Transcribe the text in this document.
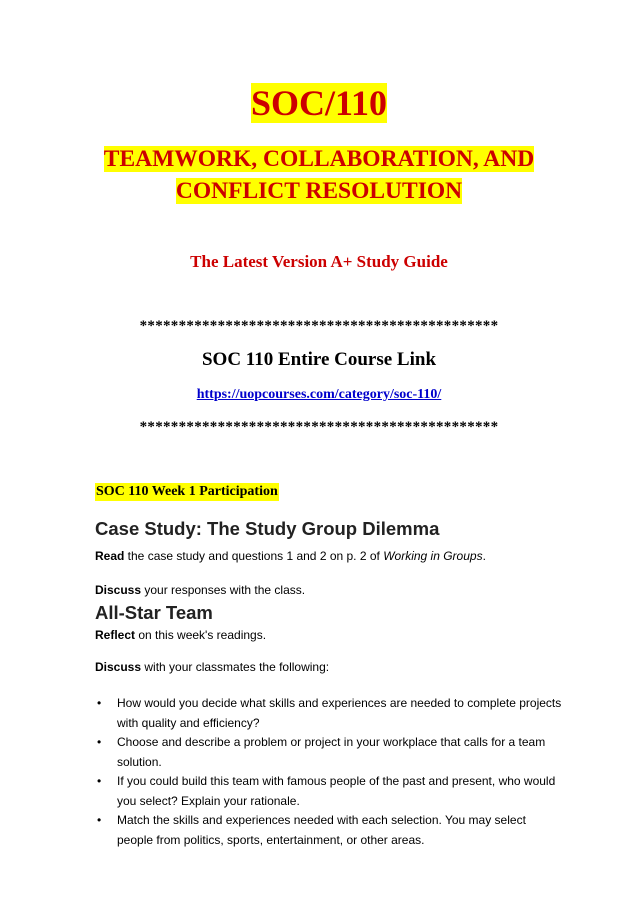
SOC/110
TEAMWORK, COLLABORATION, AND
CONFLICT RESOLUTION
The Latest Version A+ Study Guide
**********************************************
SOC 110 Entire Course Link
https://uopcourses.com/category/soc-110/
**********************************************
SOC 110 Week 1 Participation
Case Study: The Study Group Dilemma
Read the case study and questions 1 and 2 on p. 2 of Working in Groups.
Discuss your responses with the class.
All-Star Team
Reflect on this week's readings.
Discuss with your classmates the following:
• How would you decide what skills and experiences are needed to complete projects with quality and efficiency?
• Choose and describe a problem or project in your workplace that calls for a team solution.
• If you could build this team with famous people of the past and present, who would you select? Explain your rationale.
• Match the skills and experiences needed with each selection. You may select people from politics, sports, entertainment, or other areas.
